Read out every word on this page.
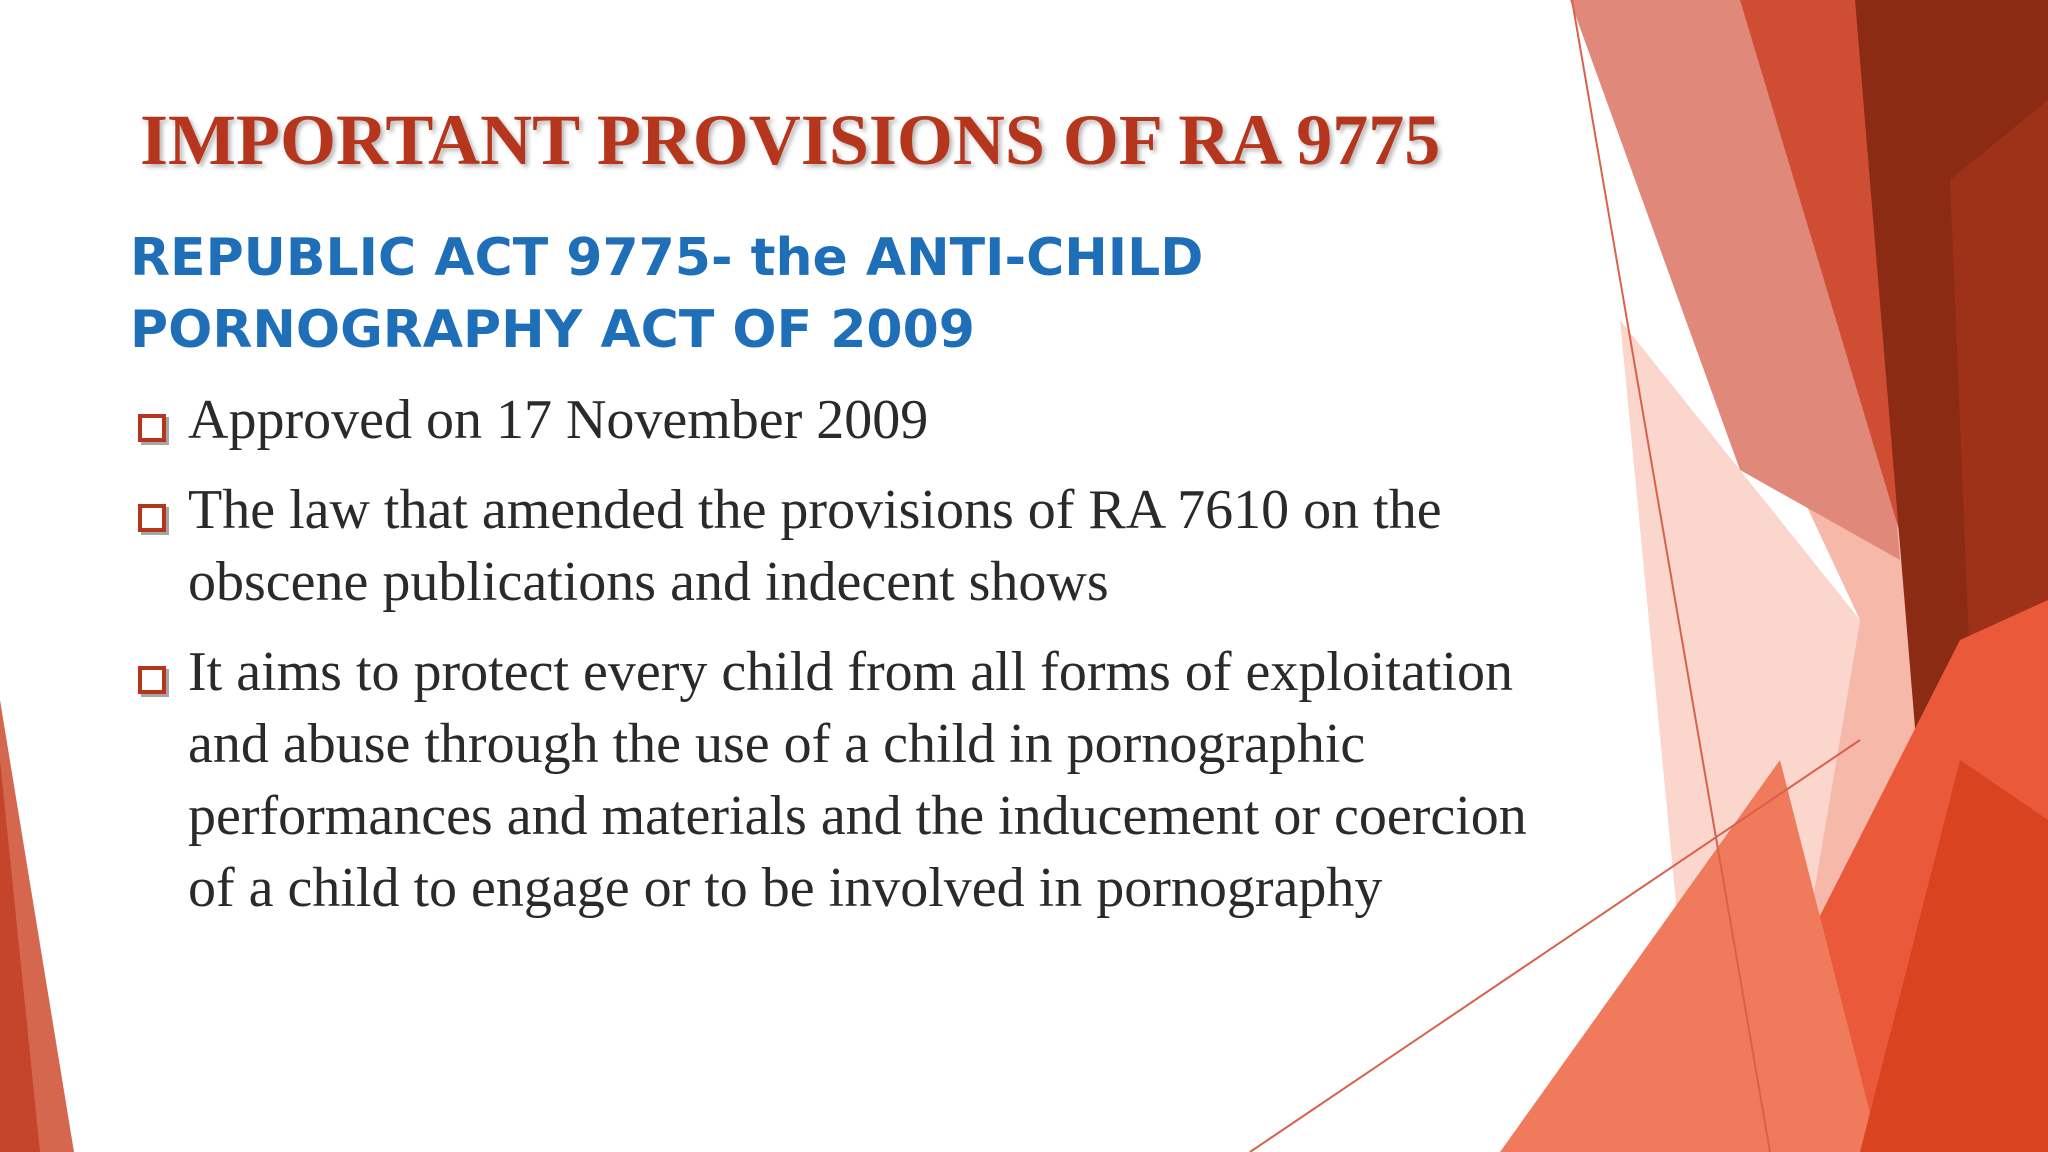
IMPORTANT PROVISIONS OF RA 9775
REPUBLIC ACT 9775- the ANTI-CHILD
PORNOGRAPHY ACT OF 2009
Approved on 17 November 2009
The law that amended the provisions of RA 7610 on the obscene publications and indecent shows
It aims to protect every child from all forms of exploitation and abuse through the use of a child in pornographic performances and materials and the inducement or coercion of a child to engage or to be involved in pornography
